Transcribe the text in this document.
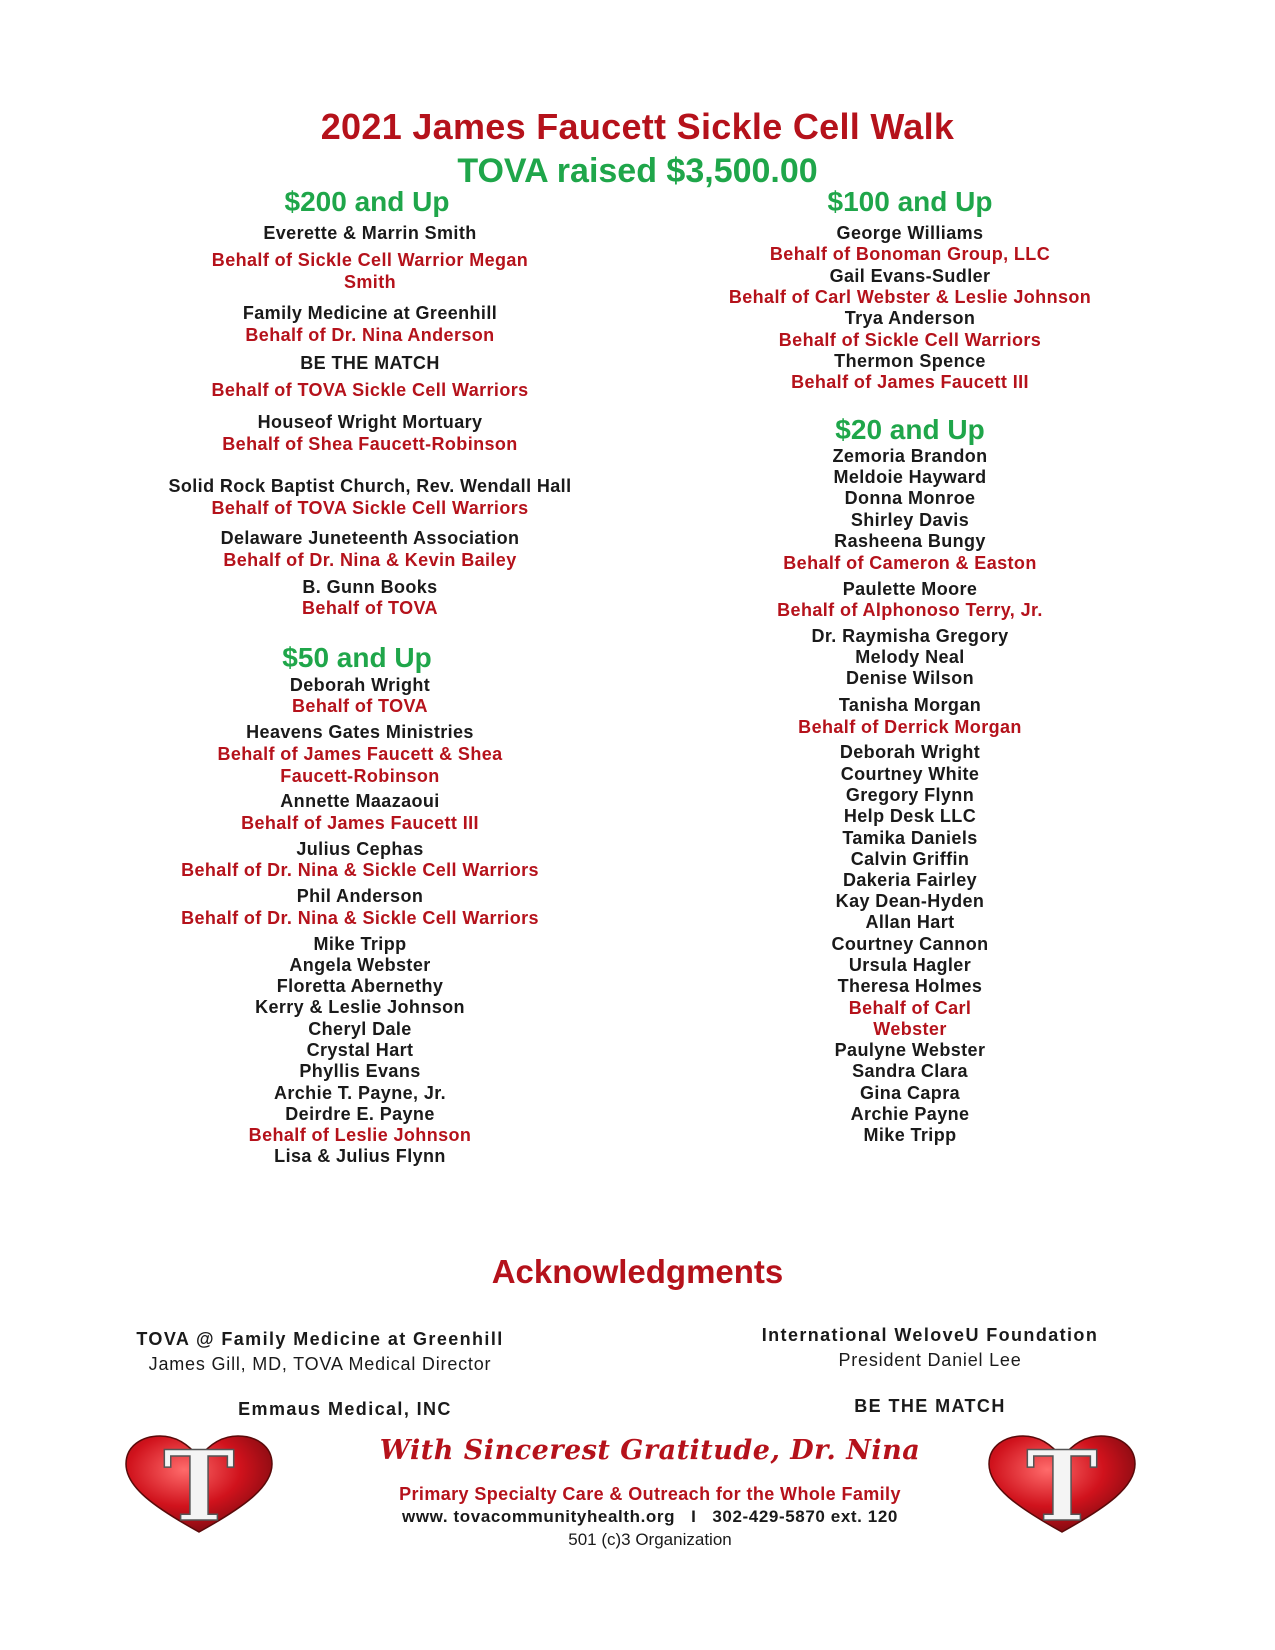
2021 James Faucett Sickle Cell Walk
TOVA raised $3,500.00
$200 and Up
Everette & Marrin Smith
Behalf of Sickle Cell Warrior Megan
Smith
Family Medicine at Greenhill
Behalf of Dr. Nina Anderson
BE THE MATCH
Behalf of TOVA Sickle Cell Warriors
Houseof Wright Mortuary
Behalf of Shea Faucett-Robinson
Solid Rock Baptist Church, Rev. Wendall Hall
Behalf of TOVA Sickle Cell Warriors
Delaware Juneteenth Association
Behalf of Dr. Nina & Kevin Bailey
B. Gunn Books
Behalf of TOVA
$50 and Up
Deborah Wright
Behalf of TOVA
Heavens Gates Ministries
Behalf of James Faucett & Shea
Faucett-Robinson
Annette Maazaoui
Behalf of James Faucett III
Julius Cephas
Behalf of Dr. Nina & Sickle Cell Warriors
Phil Anderson
Behalf of Dr. Nina & Sickle Cell Warriors
Mike Tripp
Angela Webster
Floretta Abernethy
Kerry & Leslie Johnson
Cheryl Dale
Crystal Hart
Phyllis Evans
Archie T. Payne, Jr.
Deirdre E. Payne
Behalf of Leslie Johnson
Lisa & Julius Flynn
$100 and Up
George Williams
Behalf of Bonoman Group, LLC
Gail Evans-Sudler
Behalf of Carl Webster & Leslie Johnson
Trya Anderson
Behalf of Sickle Cell Warriors
Thermon Spence
Behalf of James Faucett III
$20 and Up
Zemoria Brandon
Meldoie Hayward
Donna Monroe
Shirley Davis
Rasheena Bungy
Behalf of Cameron & Easton
Paulette Moore
Behalf of Alphonoso Terry, Jr.
Dr. Raymisha Gregory
Melody Neal
Denise Wilson
Tanisha Morgan
Behalf of Derrick Morgan
Deborah Wright
Courtney White
Gregory Flynn
Help Desk LLC
Tamika Daniels
Calvin Griffin
Dakeria Fairley
Kay Dean-Hyden
Allan Hart
Courtney Cannon
Ursula Hagler
Theresa Holmes
Behalf of Carl
Webster
Paulyne Webster
Sandra Clara
Gina Capra
Archie Payne
Mike Tripp
Acknowledgments
TOVA @ Family Medicine at Greenhill
James Gill, MD, TOVA Medical Director
International WeloveU Foundation
President Daniel Lee
Emmaus Medical, INC	BE THE MATCH
T	T
With Sincerest Gratitude, Dr. Nina
Primary Specialty Care & Outreach for the Whole Family
www. tovacommunityhealth.org   I   302-429-5870 ext. 120
501 (c)3 Organization
